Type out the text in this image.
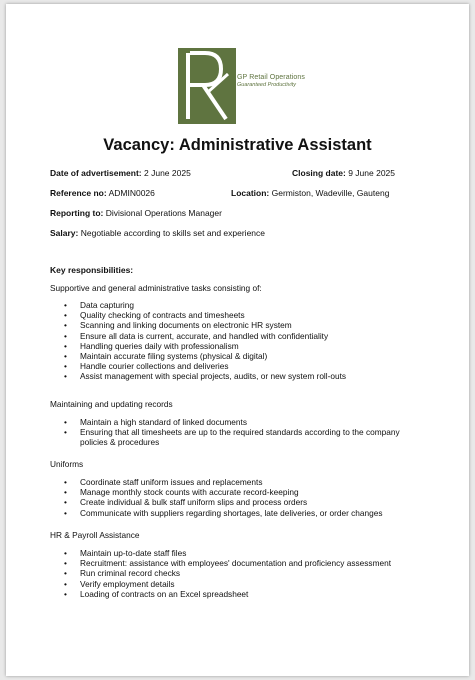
GP Retail Operations
Guaranteed Productivity
Vacancy: Administrative Assistant
Date of advertisement: 2 June 2025	Closing date: 9 June 2025
Reference no: ADMIN0026	Location: Germiston, Wadeville, Gauteng
Reporting to: Divisional Operations Manager
Salary: Negotiable according to skills set and experience
Key responsibilities:

Supportive and general administrative tasks consisting of:

• Data capturing
• Quality checking of contracts and timesheets
• Scanning and linking documents on electronic HR system
• Ensure all data is current, accurate, and handled with confidentiality
• Handling queries daily with professionalism
• Maintain accurate filing systems (physical & digital)
• Handle courier collections and deliveries
• Assist management with special projects, audits, or new system roll-outs

Maintaining and updating records

• Maintain a high standard of linked documents
• Ensuring that all timesheets are up to the required standards according to the company policies & procedures

Uniforms

• Coordinate staff uniform issues and replacements
• Manage monthly stock counts with accurate record-keeping
• Create individual & bulk staff uniform slips and process orders
• Communicate with suppliers regarding shortages, late deliveries, or order changes

HR & Payroll Assistance

• Maintain up-to-date staff files
• Recruitment: assistance with employees' documentation and proficiency assessment
• Run criminal record checks
• Verify employment details
• Loading of contracts on an Excel spreadsheet
